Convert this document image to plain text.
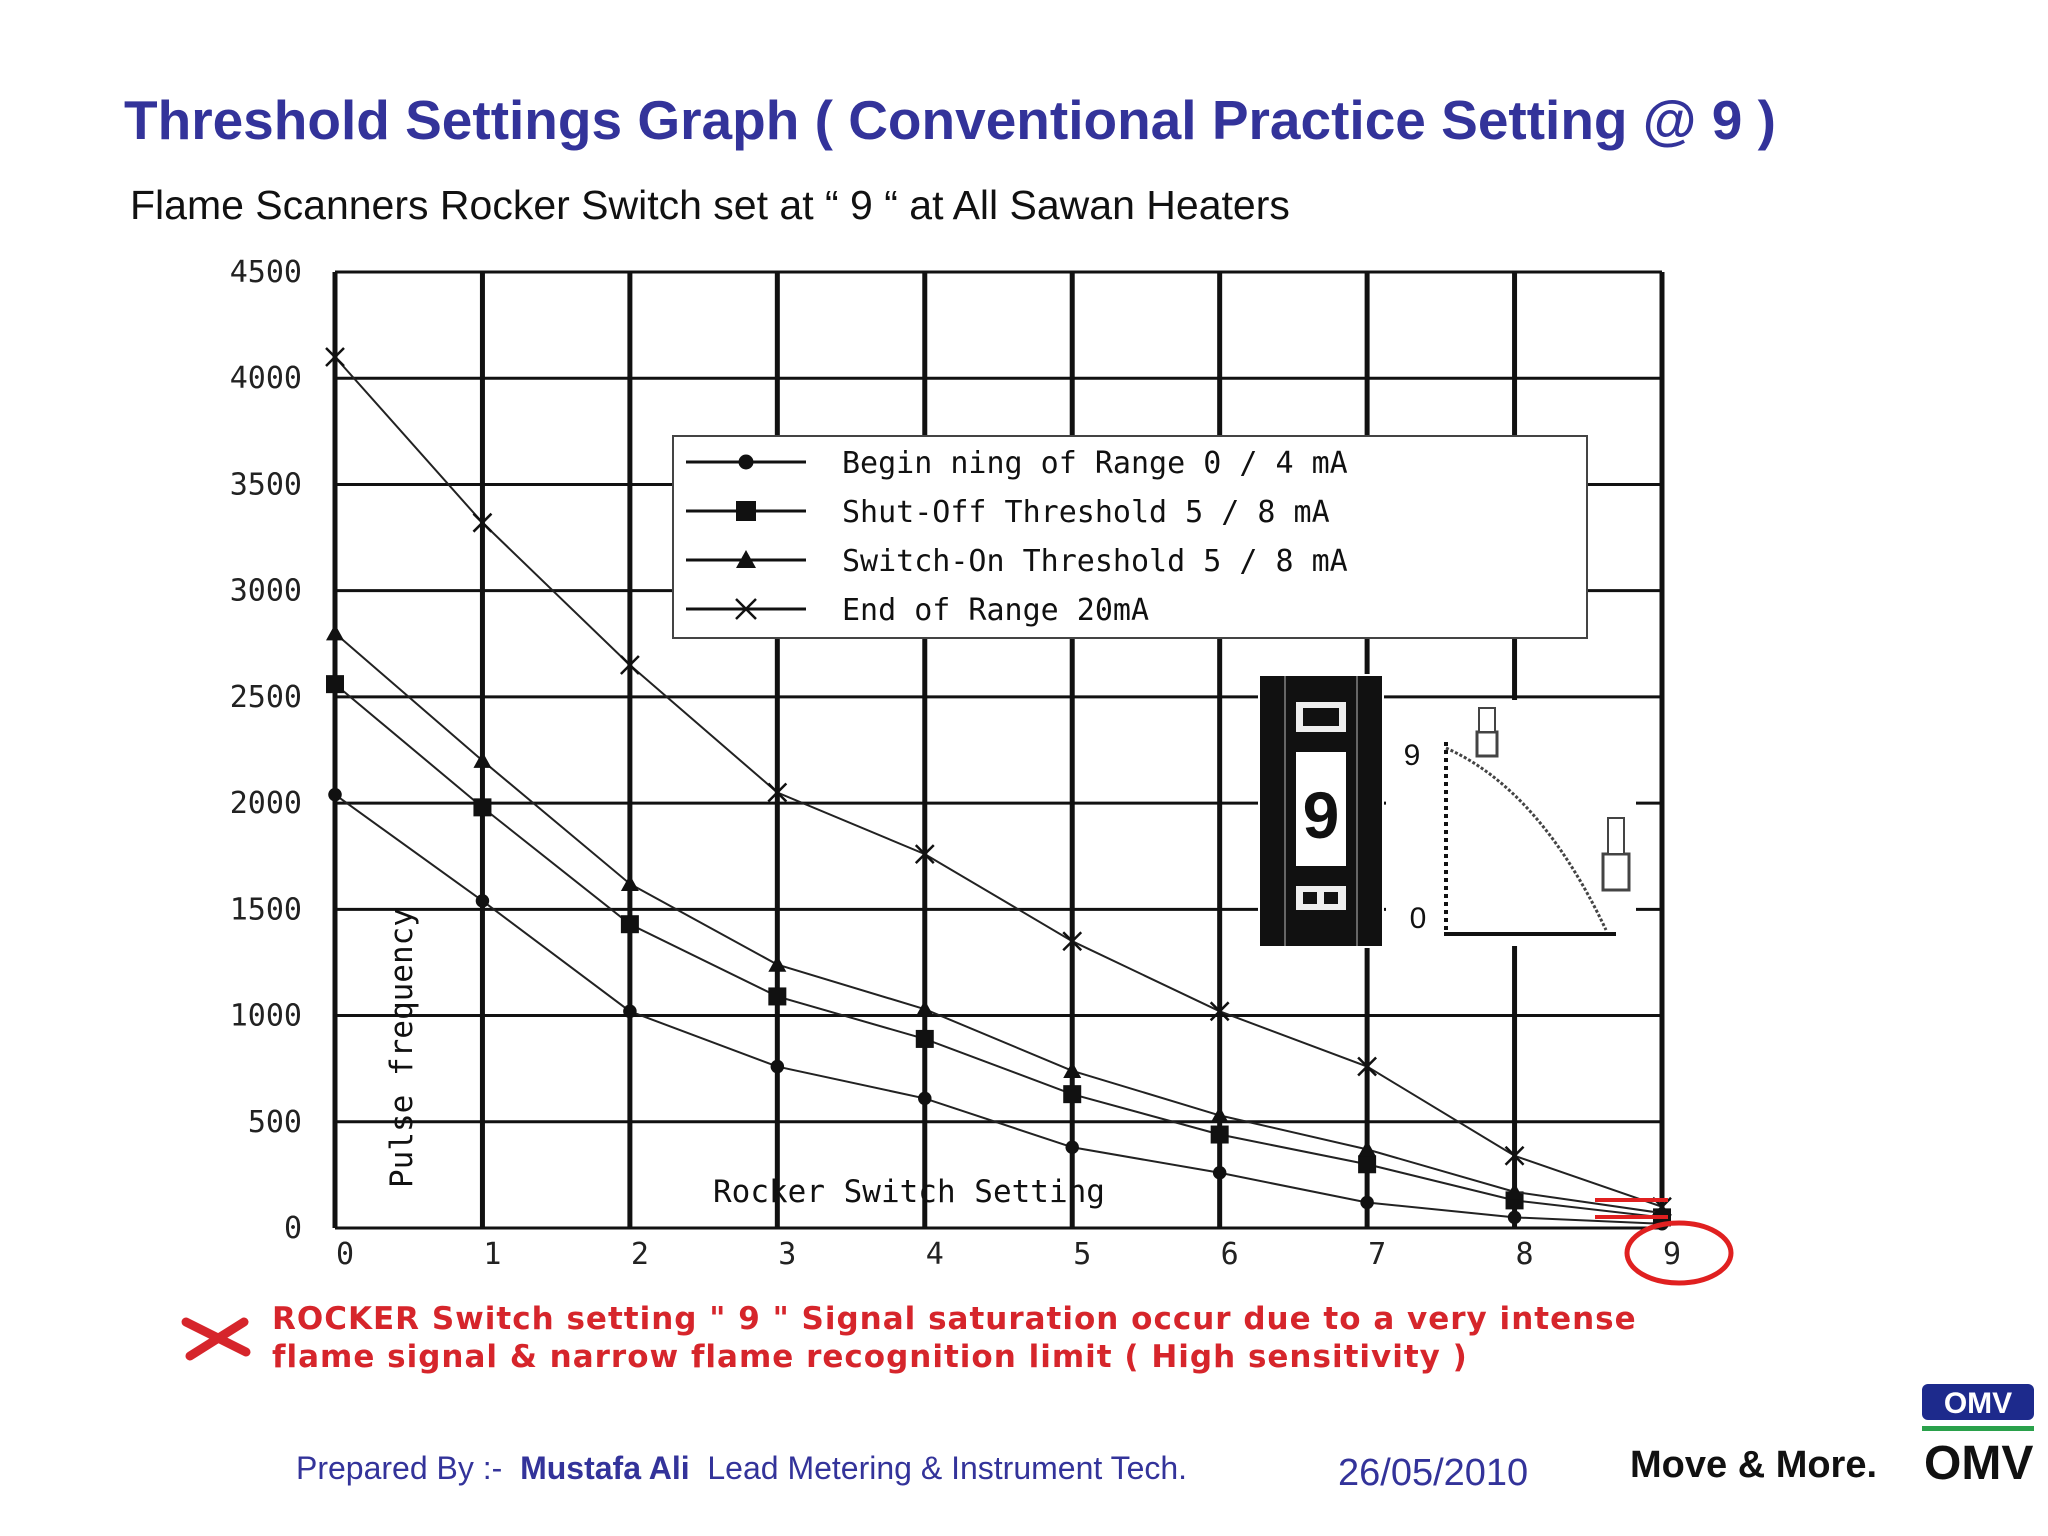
Threshold Settings Graph ( Conventional Practice Setting @ 9 )
Flame Scanners Rocker Switch set at “ 9 “ at All Sawan Heaters
4500
4000
3500
3000
2500
2000
1500
1000
500
0
0	1	2	3	4	5	6	7	8	9
Pulse frequency
Rocker Switch Setting
Begin ning of Range 0 / 4 mA
Shut-Off Threshold 5 / 8 mA
Switch-On Threshold 5 / 8 mA
End of Range 20mA
9
9
0
OMV
ROCKER Switch setting " 9 " Signal saturation occur due to a very intense
flame signal & narrow flame recognition limit ( High sensitivity )
Prepared By :- Mustafa Ali Lead Metering & Instrument Tech.	26/05/2010	Move & More. OMV
